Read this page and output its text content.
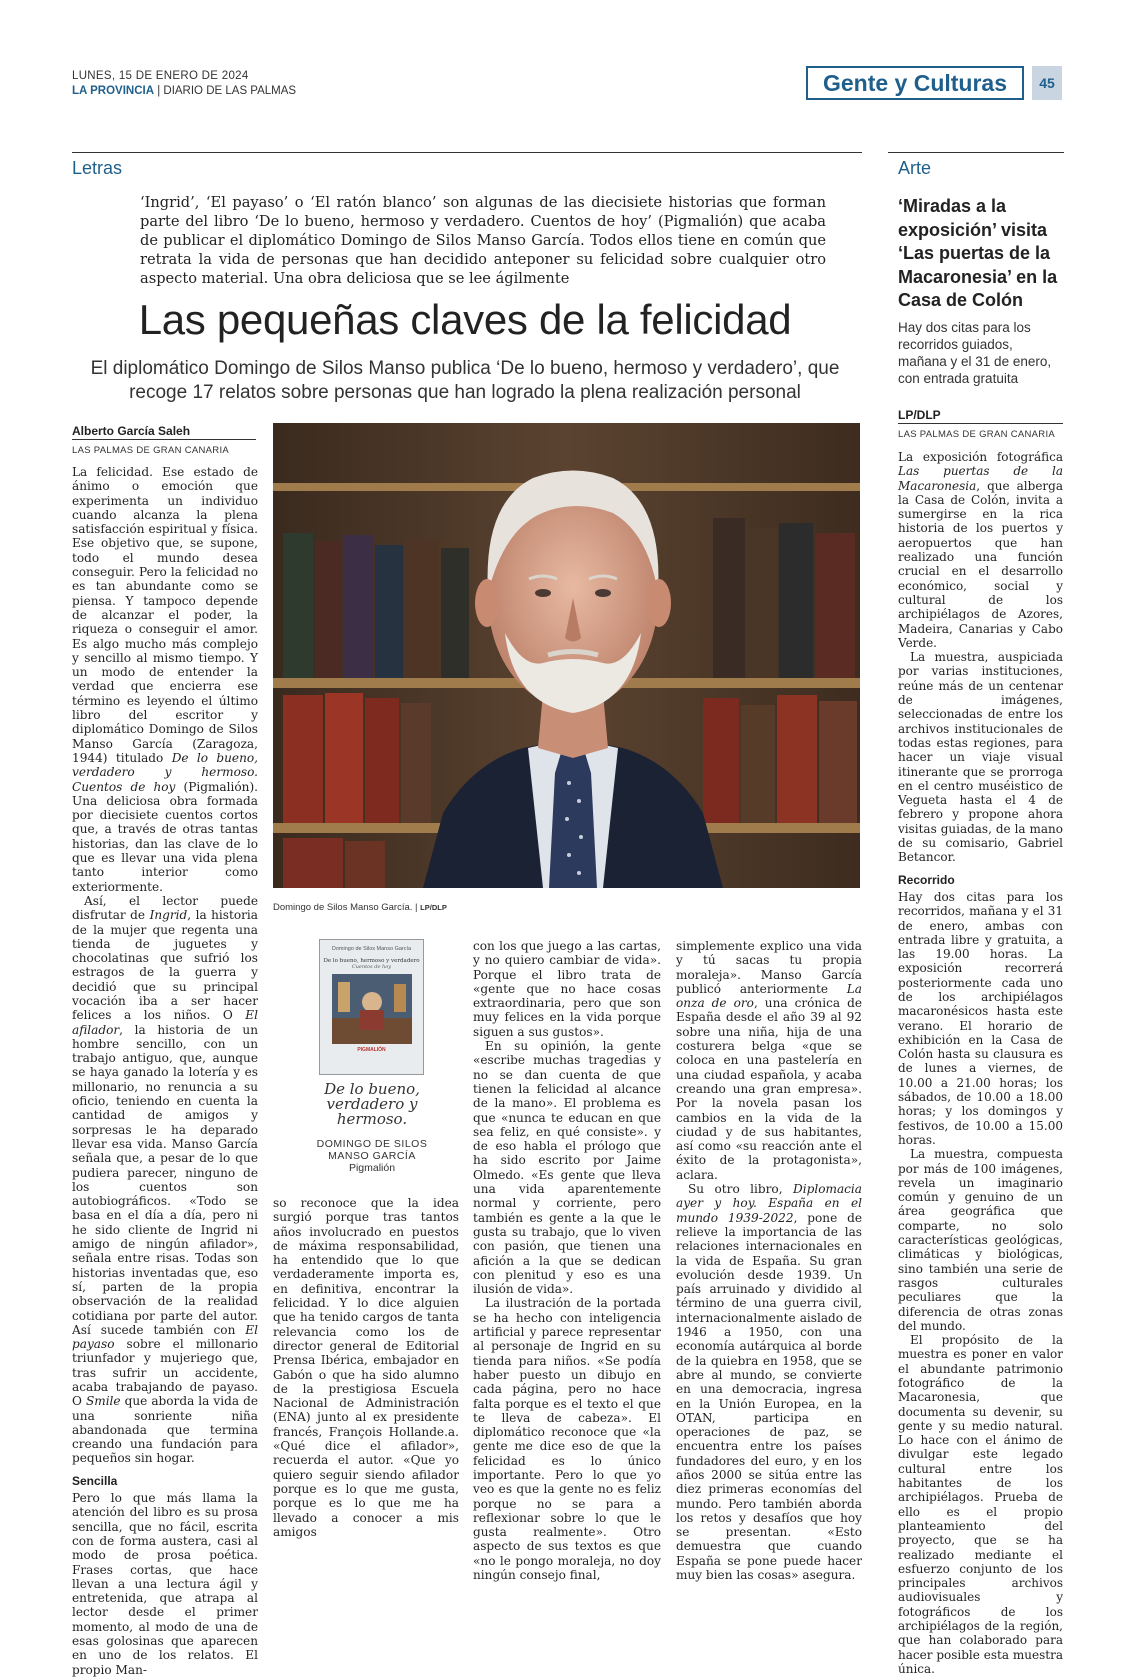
LUNES, 15 DE ENERO DE 2024
LA PROVINCIA | DIARIO DE LAS PALMAS	Gente y Culturas	45
Letras	Arte
‘Ingrid’, ‘El payaso’ o ‘El ratón blanco’ son algunas de las diecisiete historias que forman parte del libro ‘De lo bueno, hermoso y verdadero. Cuentos de hoy’ (Pigmalión) que acaba de publicar el diplomático Domingo de Silos Manso García. Todos ellos tiene en común que retrata la vida de personas que han decidido anteponer su felicidad sobre cualquier otro aspecto material. Una obra deliciosa que se lee ágilmente
Las pequeñas claves de la felicidad
El diplomático Domingo de Silos Manso publica ‘De lo bueno, hermoso y verdadero’, que recoge 17 relatos sobre personas que han logrado la plena realización personal
Alberto García Saleh
LAS PALMAS DE GRAN CANARIA

La felicidad. Ese estado de ánimo o emoción que experimenta un individuo cuando alcanza la plena satisfacción espiritual y física. Ese objetivo que, se supone, todo el mundo desea conseguir. Pero la felicidad no es tan abundante como se piensa. Y tampoco depende de alcanzar el poder, la riqueza o conseguir el amor. Es algo mucho más complejo y sencillo al mismo tiempo. Y un modo de entender la verdad que encierra ese término es leyendo el último libro del escritor y diplomático Domingo de Silos Manso García (Zaragoza, 1944) titulado De lo bueno, verdadero y hermoso. Cuentos de hoy (Pigmalión). Una deliciosa obra formada por diecisiete cuentos cortos que, a través de otras tantas historias, dan las clave de lo que es llevar una vida plena tanto interior como exteriormente.

Así, el lector puede disfrutar de Ingrid, la historia de la mujer que regenta una tienda de juguetes y chocolatinas que sufrió los estragos de la guerra y decidió que su principal vocación iba a ser hacer felices a los niños. O El afilador, la historia de un hombre sencillo, con un trabajo antiguo, que, aunque se haya ganado la lotería y es millonario, no renuncia a su oficio, teniendo en cuenta la cantidad de amigos y sorpresas le ha deparado llevar esa vida. Manso García señala que, a pesar de lo que pudiera parecer, ninguno de los cuentos son autobiográficos. «Todo se basa en el día a día, pero ni he sido cliente de Ingrid ni amigo de ningún afilador», señala entre risas. Todas son historias inventadas que, eso sí, parten de la propia observación de la realidad cotidiana por parte del autor. Así sucede también con El payaso sobre el millonario triunfador y mujeriego que, tras sufrir un accidente, acaba trabajando de payaso. O Smile que aborda la vida de una sonriente niña abandonada que termina creando una fundación para pequeños sin hogar.

Sencilla

Pero lo que más llama la atención del libro es su prosa sencilla, que no fácil, escrita con de forma austera, casi al modo de prosa poética. Frases cortas, que hace llevan a una lectura ágil y entretenida, que atrapa al lector desde el primer momento, al modo de una de esas golosinas que aparecen en uno de los relatos. El propio Man-

Domingo de Silos Manso García. | LP/DLP
Domingo de Silos Manso García
De lo bueno, hermoso y verdadero
Cuentos de hoy
PIGMALIÓN
De lo bueno, verdadero y hermoso.
DOMINGO DE SILOS MANSO GARCÍA
Pigmalión

so reconoce que la idea surgió porque tras tantos años involucrado en puestos de máxima responsabilidad, ha entendido que lo que verdaderamente importa es, en definitiva, encontrar la felicidad. Y lo dice alguien que ha tenido cargos de tanta relevancia como los de director general de Editorial Prensa Ibérica, embajador en Gabón o que ha sido alumno de la prestigiosa Escuela Nacional de Administración (ENA) junto al ex presidente francés, François Hollande.a. «Qué dice el afilador», recuerda el autor. «Que yo quiero seguir siendo afilador porque es lo que me gusta, porque es lo que me ha llevado a conocer a mis amigos

con los que juego a las cartas, y no quiero cambiar de vida». Porque el libro trata de «gente que no hace cosas extraordinaria, pero que son muy felices en la vida porque siguen a sus gustos».

En su opinión, la gente «escribe muchas tragedias y no se dan cuenta de que tienen la felicidad al alcance de la mano». El problema es que «nunca te educan en que sea feliz, en qué consiste». y de eso habla el prólogo que ha sido escrito por Jaime Olmedo. «Es gente que lleva una vida aparentemente normal y corriente, pero también es gente a la que le gusta su trabajo, que lo viven con pasión, que tienen una afición a la que se dedican con plenitud y eso es una ilusión de vida».

La ilustración de la portada se ha hecho con inteligencia artificial y parece representar al personaje de Ingrid en su tienda para niños. «Se podía haber puesto un dibujo en cada página, pero no hace falta porque es el texto el que te lleva de cabeza». El diplomático reconoce que «la gente me dice eso de que la felicidad es lo único importante. Pero lo que yo veo es que la gente no es feliz porque no se para a reflexionar sobre lo que le gusta realmente». Otro aspecto de sus textos es que «no le pongo moraleja, no doy ningún consejo final,

simplemente explico una vida y tú sacas tu propia moraleja». Manso García publicó anteriormente La onza de oro, una crónica de España desde el año 39 al 92 sobre una niña, hija de una costurera belga «que se coloca en una pastelería en una ciudad española, y acaba creando una gran empresa». Por la novela pasan los cambios en la vida de la ciudad y de sus habitantes, así como «su reacción ante el éxito de la protagonista», aclara.

Su otro libro, Diplomacia ayer y hoy. España en el mundo 1939-2022, pone de relieve la importancia de las relaciones internacionales en la vida de España. Su gran evolución desde 1939. Un país arruinado y dividido al término de una guerra civil, internacionalmente aislado de 1946 a 1950, con una economía autárquica al borde de la quiebra en 1958, que se abre al mundo, se convierte en una democracia, ingresa en la Unión Europea, en la OTAN, participa en operaciones de paz, se encuentra entre los países fundadores del euro, y en los años 2000 se sitúa entre las diez primeras economías del mundo. Pero también aborda los retos y desafíos que hoy se presentan. «Esto demuestra que cuando España se pone puede hacer muy bien las cosas» asegura.

‘Miradas a la exposición’ visita ‘Las puertas de la Macaronesia’ en la Casa de Colón
Hay dos citas para los recorridos guiados, mañana y el 31 de enero, con entrada gratuita
LP/DLP
LAS PALMAS DE GRAN CANARIA

La exposición fotográfica Las puertas de la Macaronesia, que alberga la Casa de Colón, invita a sumergirse en la rica historia de los puertos y aeropuertos que han realizado una función crucial en el desarrollo económico, social y cultural de los archipiélagos de Azores, Madeira, Canarias y Cabo Verde.

La muestra, auspiciada por varias instituciones, reúne más de un centenar de imágenes, seleccionadas de entre los archivos institucionales de todas estas regiones, para hacer un viaje visual itinerante que se prorroga en el centro muséistico de Vegueta hasta el 4 de febrero y propone ahora visitas guiadas, de la mano de su comisario, Gabriel Betancor.

Recorrido

Hay dos citas para los recorridos, mañana y el 31 de enero, ambas con entrada libre y gratuita, a las 19.00 horas. La exposición recorrerá posteriormente cada uno de los archipiélagos macaronésicos hasta este verano. El horario de exhibición en la Casa de Colón hasta su clausura es de lunes a viernes, de 10.00 a 21.00 horas; los sábados, de 10.00 a 18.00 horas; y los domingos y festivos, de 10.00 a 15.00 horas.

La muestra, compuesta por más de 100 imágenes, revela un imaginario común y genuino de un área geográfica que comparte, no solo características geológicas, climáticas y biológicas, sino también una serie de rasgos culturales peculiares que la diferencia de otras zonas del mundo.

El propósito de la muestra es poner en valor el abundante patrimonio fotográfico de la Macaronesia, que documenta su devenir, su gente y su medio natural. Lo hace con el ánimo de divulgar este legado cultural entre los habitantes de los archipiélagos. Prueba de ello es el propio planteamiento del proyecto, que se ha realizado mediante el esfuerzo conjunto de los principales archivos audiovisuales y fotográficos de los archipiélagos de la región, que han colaborado para hacer posible esta muestra única.
